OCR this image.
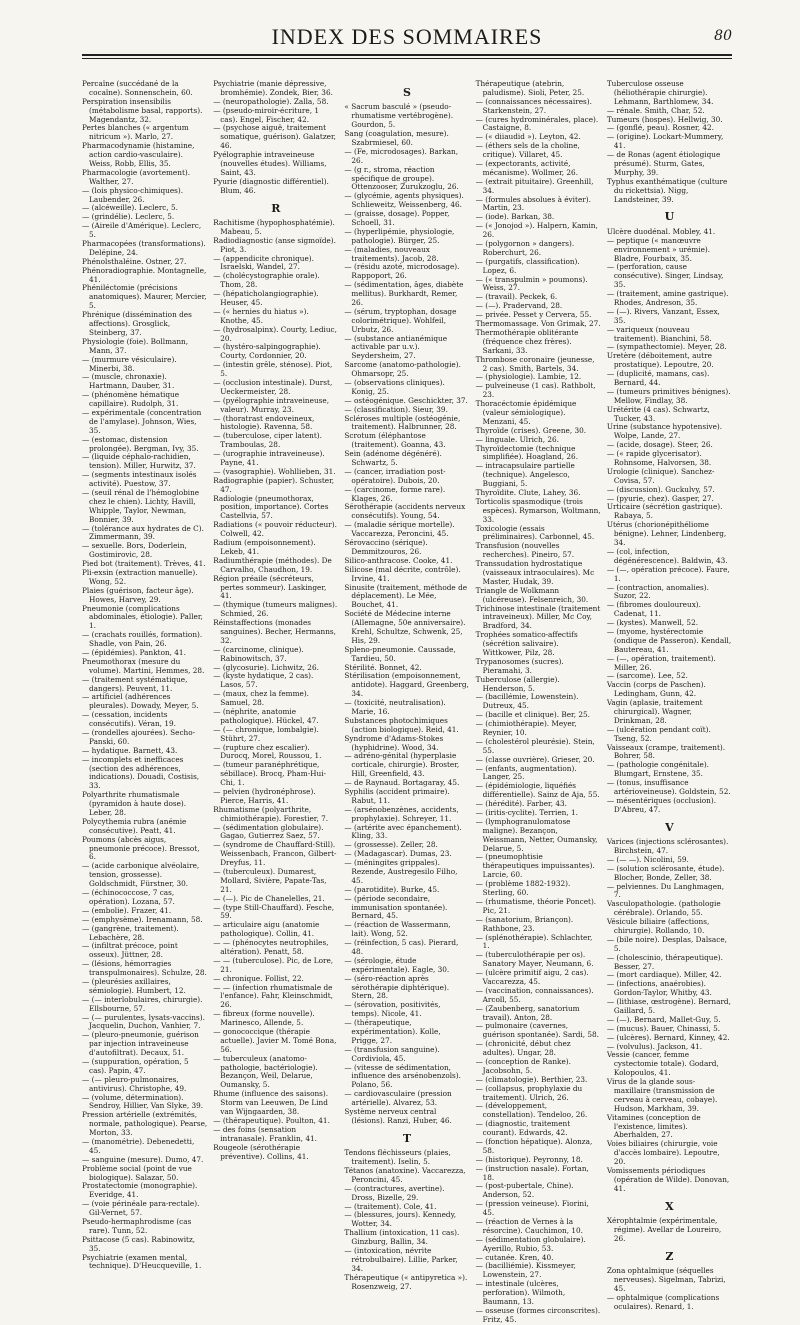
INDEX DES SOMMAIRES	80

Percaïne (succédané de la cocaïne). Sonnenschein, 60.

Perspiration insensibilis (métabolisme basal, rapports). Magendantz, 32.

Pertes blanches (« argentum nitricum »). Marlo, 27.

Pharmacodynamie (histamine, action cardio-vasculaire). Weiss, Robb, Ellis, 35.

Pharmacologie (avortement). Walther, 27.

— (lois physico-chimiques). Laubender, 26.

— (alcéweille). Leclerc, 5.

— (grindélie). Leclerc, 5.

— (Aireile d'Amérique). Leclerc, 5.

Pharmacopées (transformations). Delépine, 24.

Phénolsthaléine. Ostner, 27.

Phénoradiographie. Montagnelle, 41.

Phéniléctomie (précisions anatomiques). Maurer, Mercier, 5.

Phrénique (dissémination des affections). Grosglick, Steinberg, 37.

Physiologie (foie). Bollmann, Mann, 37.

— (murmure vésiculaire). Minerbi, 38.

— (muscle, chronaxie). Hartmann, Dauber, 31.

— (phénomène hématique capillaire). Rudolph, 31.

— expérimentale (concentration de l'amylase). Johnson, Wies, 35.

— (estomac, distension prolongée). Bergman, Ivy, 35.

— (liquide céphalo-rachidien, tension). Miller, Hurwitz, 37.

— (segments intestinaux isolés activité). Puestow, 37.

— (seuil rénal de l'hémoglobine chez le chien). Lichty, Havill, Whipple, Taylor, Newman, Bonnier, 39.

— (tolérance aux hydrates de C). Zimmermann, 39.

— sexuelle. Bors, Doderlein, Gostimirovic, 28.

Pied bot (traitement). Trèves, 41.

Pli-exsin (extraction manuelle). Wong, 52.

Plaies (guérison, facteur âge). Howes, Harvey, 29.

Pneumonie (complications abdominales, étiologie). Paller, 1.

— (crachats rouillés, formation). Shadle, von Pain, 26.

— (épidémies). Pankton, 41.

Pneumothorax (mesure du volume). Martini, Hemmes, 28.

— (traitement systématique, dangers). Peuvent, 11.

— artificiel (adhérences pleurales). Dowady, Meyer, 5.

— (cessation, incidents consécutifs). Véran, 19.

— (rondelles ajourées). Secho-Panski, 60.

— hydatique. Barnett, 43.

— incomplets et inefficaces (section des adhérences, indications). Douadi, Costisis, 33.

Polyarthrite rhumatismale (pyramidon à haute dose). Leber, 28.

Polycythemia rubra (anémie consécutive). Peatt, 41.

Poumons (abcès aigus, pneumonie précoce). Bressot, 6.

— (acide carbonique alvéolaire, tension, grossesse). Goldschmidt, Fürstner, 30.

— (échinococcose, 7 cas, opération). Lozana, 57.

— (embolie). Frazer, 41.

— (emphysème). Irenamann, 58.

— (gangrène, traitement). Lebachère, 28.

— (infiltrat précoce, point osseux). Jüttner, 28.

— (lésions, hémorragies transpulmonaires). Schulze, 28.

— (pleurésies axillaires, sémiologie). Humbert, 12.

— (— interlobulaires, chirurgie). Ellsbourne, 57.

— (— purulentes, lysats-vaccins). Jacquelin, Duchon, Vanhier, 7.

— (pleuro-pneumonie, guérison par injection intraveineuse d'autofiltrat). Decaux, 51.

— (suppuration, opération, 5 cas). Papin, 47.

— (— pleuro-pulmonaires, antivirus). Christophe, 49.

— (volume, détermination). Sendroy, Hillier, Van Slyke, 39.

Pression artérielle (extrémités, normale, pathologique). Pearse, Morton, 33.

— (manométrie). Debenedetti, 45.

— sanguine (mesure). Dumo, 47.

Problème social (point de vue biologique). Salazar, 50.

Prostatectomie (monographie). Everidge, 41.

— (voie périnéale para-rectale). Gil-Vernet, 57.

Pseudo-hermaphrodisme (cas rare). Tunn, 52.

Psittacose (5 cas). Rabinowitz, 35.

Psychiatrie (examen mental, technique). D'Heucqueville, 1.

Psychiatrie (manie dépressive, bromhémie). Zondek, Bier, 36.

— (neuropathologie). Zalla, 58.

— (pseudo-miroir-écriture, 1 cas). Engel, Fischer, 42.

— (psychose aiguë, traitement somatique, guérison). Galatzer, 46.

Pyélographie intraveineuse (nouvelles études). Williams, Saint, 43.

Pyurie (diagnostic différentiel). Blum, 46.

R

Rachitisme (hypophosphatémie). Mabeau, 5.

Radiodiagnostic (anse sigmoïde). Piot, 3.

— (appendicite chronique). Israelski, Wandel, 27.

— (cholécystographie orale). Thom, 28.

— (hépaticholangiographie). Heuser, 45.

— (« hernies du hiatus »). Knothe, 45.

— (hydrosalpinx). Courty, Lediuc, 20.

— (hystéro-salpingographie). Courty, Cordonnier, 20.

— (intestin grêle, sténose). Piot, 5.

— (occlusion intestinale). Durst, Ueckermeister, 28.

— (pyélographie intraveineuse, valeur). Murray, 23.

— (thoratrast endoveineux, histologie). Ravenna, 58.

— (tuberculose, ciper latent). Tramboulas, 28.

— (urographie intraveineuse). Payne, 41.

— (vasographie). Wohllieben, 31.

Radiographie (papier). Schuster, 47.

Radiologie (pneumothorax, position, importance). Cortes Castellvia, 57.

Radiations (« pouvoir réducteur). Colwell, 42.

Radium (empoisonnement). Lekeb, 41.

Radiumthérapie (méthodes). De Carvalho, Chaudhon, 19.

Région préaile (sécréteurs, pertes sommeur). Laskinger, 41.

— (thymique (tumeurs malignes). Schmied, 26.

Réinstaffections (monades sanguines). Becher, Hermanns, 32.

— (carcinome, clinique). Rabinowitsch, 37.

— (glycosurie). Lichwitz, 26.

— (kyste hydatique, 2 cas). Lasos, 57.

— (maux, chez la femme). Samuel, 28.

— (néphrite, anatomie pathologique). Hückel, 47.

— (— chronique, lombalgie). Stührt, 27.

— (rupture chez escalier). Durocq, Morel, Roussou, 1.

— (tumeur paranéphrétique, sébillace). Brocq, Pham-Hui-Chi, 1.

— pelvien (hydronéphrose). Pierce, Harris, 41.

Rhumatisme (polyarthrite, chimiothérapie). Forestier, 7.

— (sédimentation globulaire). Gagao, Gutierrez Saez, 57.

— (syndrome de Chauffard-Still). Weissenbach, Francon, Gilbert-Dreyfus, 11.

— (tuberculeux). Dumarest, Mollard, Sivière, Papate-Tas, 21.

— (—). Pic de Chanelelles, 21.

— (type Still-Chauffard). Fesche, 59.

— articulaire aigu (anatomie pathologique). Collin, 41.

— — (phénocytes neutrophiles, altération). Penatt, 58.

— — (tuberculose). Pic, de Lore, 21.

— chronique. Follist, 22.

— — (infection rhumatismale de l'enfance). Fahr, Kleinschmidt, 26.

— fibreux (forme nouvelle). Marinesco, Allende, 5.

— gonococcique (thérapie actuelle). Javier M. Tomé Bona, 56.

— tuberculeux (anatomo-pathologie, bactériologie). Bezançon, Weil, Delarue, Oumansky, 5.

Rhume (influence des saisons). Storm van Leeuwen, De Lind van Wijngaarden, 38.

— (thérapeutique). Poulton, 41.

— des foins (sensation intranasale). Franklin, 41.

Rougeole (sérothérapie préventive). Collins, 41.

S

« Sacrum basculé » (pseudo-rhumatisme vertébrogène). Gourdon, 5.

Sang (coagulation, mesure). Szabrmiesel, 60.

— (Fe, microdosages). Barkan, 26.

— (g r., stroma, réaction spécifique de groupe). Ottenzooser, Zurukzoglu, 26.

— (glycémie, agents physiques). Schlieweitz, Weissenberg, 46.

— (graisse, dosage). Popper, Schoell, 31.

— (hyperlipémie, physiologie, pathologie). Bürger, 25.

— (maladies, nouveaux traitements). Jacob, 28.

— (résidu azoté, microdosage). Rappoport, 26.

— (sédimentation, âges, diabète mellitus). Burkhardt, Remer, 26.

— (sérum, tryptophan, dosage colorimétrique). Wohlfeil, Urbutz, 26.

— (substance antianémique activable par u.v.). Seydersheim, 27.

Sarcome (anatomo-pathologie). Ohmarsopr, 25.

— (observations cliniques). Konig, 25.

— ostéogénique. Geschickter, 37.

— (classification). Sieur, 39.

Scléroses multiple (ostéogénie, traitement). Halbrunner, 28.

Scrotum (éléphantose (traitement). Goanna, 43.

Sein (adénome dégénéré). Schwartz, 5.

— (cancer, irradiation post-opératoire). Dubois, 20.

— (carcinome, forme rare). Klages, 26.

Sérothérapie (accidents nerveux consécutifs). Young, 54.

— (maladie sérique mortelle). Vaccarezza, Peroncini, 45.

Sérovaccino (sérique). Demmitzouros, 26.

Silico-anthracose. Cooke, 41.

Silicose (mal décrite, contrôle). Irvine, 41.

Sinusite (traitement, méthode de déplacement). Le Mée, Bouchet, 41.

Société de Médecine interne (Allemagne, 50e anniversaire). Krehl, Schultze, Schwenk, 25, His, 29.

Spleno-pneumonie. Caussade, Tardieu, 50.

Stérilité. Bonnet, 42.

Stérilisation (empoisonnement, antidote). Haggard, Greenberg, 34.

— (toxicité, neutralisation). Marie, 16.

Substances photochimiques (action biologique). Reid, 41.

Syndrome d'Adams-Stokes (hyphidrine). Wood, 34.

— adréno-génital (hyperplasie corticale, chirurgie). Broster, Hill, Greenfield, 43.

— de Raynaud. Bortagaray, 45.

Syphilis (accident primaire). Rabut, 11.

— (arsénobenzènes, accidents, prophylaxie). Schreyer, 11.

— (artérite avec épanchement). Kling, 33.

— (grossesse). Zeller, 28.

— (Madagascar). Dumas, 23.

— (méningites grippales). Rezende, Austregesilo Filho, 45.

— (parotidite). Burke, 45.

— (période secondaire, immunisation spontanée). Bernard, 45.

— (réaction de Wassermann, lait). Wong, 52.

— (réinfection, 5 cas). Pierard, 48.

— (sérologie, étude expérimentale). Eagle, 30.

— (séro-réaction après sérothérapie diphtérique). Stern, 28.

— (sérovation, positivités, temps). Nicole, 41.

— (thérapeutique, expérimentation). Kolle, Prigge, 27.

— (transfusion sanguine). Cordiviola, 45.

— (vitesse de sédimentation, influence des arsénobenzols). Polano, 56.

— cardiovasculaire (pression artérielle). Alvarez, 53.

Système nerveux central (lésions). Ranzi, Huber, 46.

T

Tendons fléchisseurs (plaies, traitement). Iselin, 5.

Tétanos (anatoxine). Vaccarezza, Peroncini, 45.

— (contractures, avertine). Dross, Bizelle, 29.

— (traitement). Cole, 41.

— (blessures, jours). Kennedy, Wotter, 34.

Thallium (intoxication, 11 cas). Ginzburg, Ballin, 34.

— (intoxication, névrite rétrobulbaire). Lillie, Parker, 34.

Thérapeutique (« antipyretica »). Rosenzweig, 27.

Thérapeutique (atebrin, paludisme). Sioli, Peter, 25.

— (connaissances nécessaires). Starkenstein, 27.

— (cures hydrominérales, place). Castaigne, 8.

— (« diiaudid »). Leyton, 42.

— (éthers sels de la choline, critique). Villaret, 45.

— (expectorants, activité, mécanisme). Wollmer, 26.

— (extrait pituitaire). Greenhill, 34.

— (formules absolues à éviter). Martin, 23.

— (iode). Barkan, 38.

— (« Jonojod »). Halpern, Kamin, 26.

— (polygornon » dangers). Roberchurt, 26.

— (purgatifs, classification). Lopez, 6.

— (« transpulmin » poumons). Weiss, 27.

— (travail). Peckek, 6.

— (—). Pradervand, 28.

— privée. Pesset y Cervera, 55.

Thermomassage. Von Grimak, 27.

Thermothérapie oblitérante (fréquence chez frères). Sarkani, 33.

Thrombose coronaire (jeunesse, 2 cas). Smith, Bartels, 34.

— (physiologie). Lambie, 12.

— pulveineuse (1 cas). Rathbolt, 23.

Thoracéctomie épidémique (valeur sémiologique). Menzani, 45.

Thyroïde (crises). Greene, 30.

— linguale. Ulrich, 26.

Thyroïdectomie (technique simplifiée). Hoagland, 26.

— intracapsulaire partielle (technique). Angelesco, Buggiani, 5.

Thyroïdite. Clute, Lahey, 36.

Torticolis spasmodique (trois espèces). Rymarson, Woltmann, 33.

Toxicologie (essais préliminaires). Carbonnel, 45.

Transfusion (nouvelles recherches). Pineiro, 57.

Transsudation hydrostatique (vaisseaux intraoculaires). Mc Master, Hudak, 39.

Triangle de Wolkmann (ulcéreuse). Felsenreich, 30.

Trichinose intestinale (traitement intraveineux). Miller, Mc Coy, Bradford, 34.

Trophées somatico-affectifs (sécrétion salivaire). Wittkower, Pilz, 28.

Trypanosomes (sucres). Pieramahi, 3.

Tuberculose (allergie). Henderson, 5.

— (bacillémie, Lowenstein). Dutreux, 45.

— (bacille et clinique). Ber, 25.

— (chimiothérapie). Meyer, Reynier, 10.

— (cholestérol pleurésie). Stein, 55.

— (classe ouvrière). Grieser, 20.

— (enfants, augmentation). Langer, 25.

— (épidémiologie, liquéfiés différentielle). Sainz de Aja, 55.

— (hérédité). Farber, 43.

— (iritis-cyclite). Terrien, 1.

— (lymphogranulomatose maligne). Bezançon, Weissmann, Netter, Oumansky, Delarue, 5.

— (pneumophtisie thérapeutiques impuissantes). Larcie, 60.

— (problème 1882-1932). Sterling, 60.

— (rhumatisme, théorie Poncet). Pic, 21.

— (sanatorium, Briançon). Rathbone, 23.

— (splénothérapie). Schlachter, 1.

— (tuberculothérapie per os). Sanatory Mayer, Neumann, 6.

— (ulcère primitif aigu, 2 cas). Vaccarezza, 45.

— (vaccination, connaissances). Arcoll, 55.

— (Zaubenberg, sanatorium travail). Anton, 28.

— pulmonaire (cavernes, guérison spontanée). Sardi, 58.

— (chronicité, début chez adultes). Ungar, 28.

— (conception de Ranke). Jacobsohn, 5.

— (climatologie). Berthier, 23.

— (collapsus, prophylaxie du traitement). Ulrich, 26.

— (développement, constellation). Tendeloo, 26.

— (diagnostic, traitement courant). Edwards, 42.

— (fonction hépatique). Alonza, 58.

— (historique). Peyronny, 18.

— (instruction nasale). Fortan, 18.

— (post-pubertale, Chine). Anderson, 52.

— (pression veineuse). Fiorini, 45.

— (réaction de Vernes à la résorcine). Cauchimon, 10.

— (sédimentation globulaire). Ayerillo, Rubio, 53.

— cutanée. Kren, 40.

— (bacilliémie). Kissmeyer, Lowenstein, 27.

— intestinale (ulcères, perforation). Wilmoth, Baumann, 13.

— osseuse (formes circonscrites). Fritz, 45.

Tuberculose osseuse (héliothérapie chirurgie). Lehmann, Barthlomew, 34.

— rénale. Smith, Char, 52.

Tumeurs (hospes). Hellwig, 30.

— (gonflé, peau). Rosner, 42.

— (origine). Lockart-Mummery, 41.

— de Ronas (agent étiologique présumé). Sturm, Gates, Murphy, 39.

Typhus exanthématique (culture du rickettsia). Nigg, Landsteiner, 39.

U

Ulcère duodénal. Mobley, 41.

— peptique (« manœuvre environnement » urémie). Bladre, Fourbaix, 35.

— (perforation, cause consécutive). Singer, Lindsay, 35.

— (traitement, amine gastrique). Rhodes, Andreson, 35.

— (—). Rivers, Vanzant, Essex, 35.

— variqueux (nouveau traitement). Bianchini, 58.

— (sympathectomie). Meyer, 28.

Uretère (déboitement, autre prostatique). Lepoutre, 20.

— (duplicité, mamans, cas). Bernard, 44.

— (tumeurs primitives bénignes). Mellow, Findlay, 38.

Urétérite (4 cas). Schwartz, Tucker, 43.

Urine (substance hypotensive). Wolpe, Lande, 27.

— (acide, dosage). Steer, 26.

— (« rapide glycerisator). Rohnsome, Halvorsen, 38.

Urologie (clinique). Sanchez-Covisa, 57.

— (discussion). Guckulvy, 57.

— (pyurie, chez). Gasper, 27.

Urticaire (sécrétion gastrique). Rabaya, 5.

Utérus (chorionépithéliome bénigne). Lehner, Lindenberg, 34.

— (col, infection, dégénérescence). Baldwin, 43.

— (—, opération précoce). Faure, 1.

— (contraction, anomalies). Suzor, 22.

— (fibromes douloureux). Cadenat, 11.

— (kystes). Manwell, 52.

— (myome, hystérectomie (ondique de Passeron). Kendall, Bautereau, 41.

— (—, opération, traitement). Miller, 26.

— (sarcome). Lee, 52.

Vaccin (corps de Paschen). Ledingham, Gunn, 42.

Vagin (aplasie, traitement chirurgical). Wagner, Drinkman, 28.

— (ulcération pendant coït). Tseng, 52.

Vaisseaux (crampe, traitement). Bohrer, 58.

— (pathologie congénitale). Blumgart, Ernstene, 35.

— (tonus, insuffisance artérioveineuse). Goldstein, 52.

— mésentériques (occlusion). D'Abreu, 47.

V

Varices (injections sclérosantes). Birchstein, 47.

— (— —). Nicolini, 59.

— (solution sclérosante, étude). Blocher, Bonde, Zeller, 38.

— pelviennes. Du Langhmagen, 7.

Vasculopathologie. (pathologie cérébrale). Orlando, 55.

Vésicule biliaire (affections, chirurgie). Rollando, 10.

— (bile noire). Desplas, Dalsace, 5.

— (cholescinio, thérapeutique). Besser, 27.

— (mort cardiaque). Miller, 42.

— (infections, anaérobies). Gordon-Taylor, Whitby, 43.

— (lithiase, œstrogène). Bernard, Gaillard, 5.

— (—). Bernard, Mallet-Guy, 5.

— (mucus). Bauer, Chinassi, 5.

— (ulcères). Bernard, Kinney, 42.

— (volvulus). Jackson, 41.

Vessie (cancer, femme cystectomie totale). Godard, Kolopoulos, 41.

Virus de la glande sous-maxillaire (transmission de cerveau à cerveau, cobaye). Hudson, Markham, 39.

Vitamines (conception de l'existence, limites). Aberhalden, 27.

Voies biliaires (chirurgie, voie d'accès lombaire). Lepoutre, 20.

Vomissements périodiques (opération de Wilde). Donovan, 41.

X

Xérophtalmie (expérimentale, régime). Avellar de Loureiro, 26.

Z

Zona ophtalmique (séquelles nerveuses). Sigelman, Tabrizi, 45.

— ophtalmique (complications oculaires). Renard, 1.
